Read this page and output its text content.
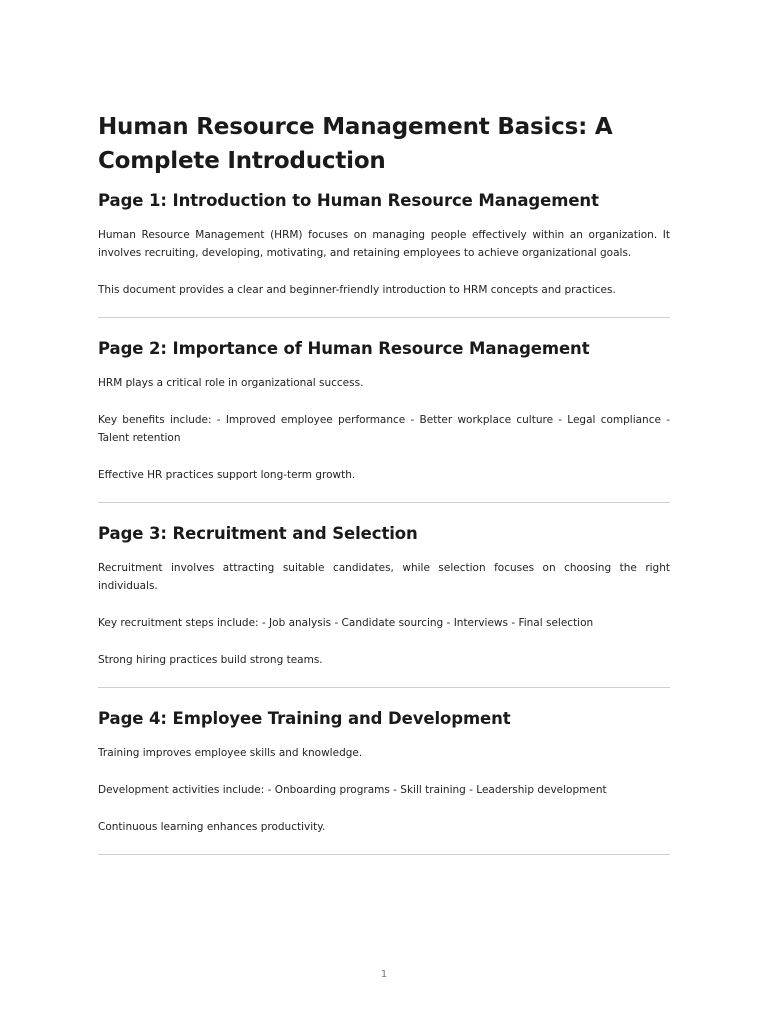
Human Resource Management Basics: A Complete Introduction
Page 1: Introduction to Human Resource Management

Human Resource Management (HRM) focuses on managing people effectively within an organization. It involves recruiting, developing, motivating, and retaining employees to achieve organizational goals.

This document provides a clear and beginner-friendly introduction to HRM concepts and practices.

Page 2: Importance of Human Resource Management

HRM plays a critical role in organizational success.

Key benefits include: - Improved employee performance - Better workplace culture - Legal compliance - Talent retention

Effective HR practices support long-term growth.

Page 3: Recruitment and Selection

Recruitment involves attracting suitable candidates, while selection focuses on choosing the right individuals.

Key recruitment steps include: - Job analysis - Candidate sourcing - Interviews - Final selection

Strong hiring practices build strong teams.

Page 4: Employee Training and Development

Training improves employee skills and knowledge.

Development activities include: - Onboarding programs - Skill training - Leadership development

Continuous learning enhances productivity.

1
